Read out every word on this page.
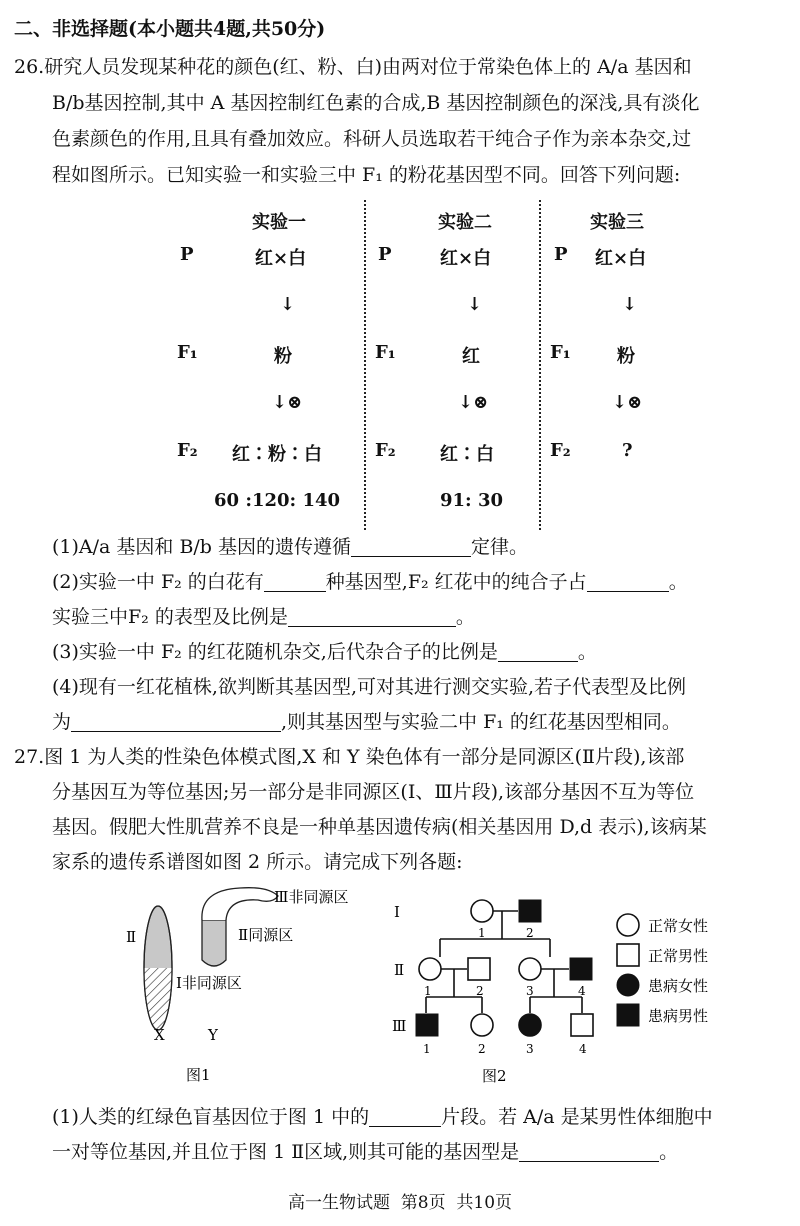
二、非选择题(本小题共4题,共50分)
26.研究人员发现某种花的颜色(红、粉、白)由两对位于常染色体上的 A/a 基因和
B/b基因控制,其中 A 基因控制红色素的合成,B 基因控制颜色的深浅,具有淡化
色素颜色的作用,且具有叠加效应。科研人员选取若干纯合子作为亲本杂交,过
程如图所示。已知实验一和实验三中 F₁ 的粉花基因型不同。回答下列问题:
实验一
P	红×白
↓
F₁	粉
↓⊗
F₂ 红∶粉∶白
60 :120: 140
实验二
P	红×白
↓
F₁	红
↓⊗
F₂ 红∶白
91: 30
实验三
P 红×白
↓
F₁	粉
↓⊗
F₂	?
(1)A/a 基因和 B/b 基因的遗传遵循	定律。
(2)实验一中 F₂ 的白花有	种基因型,F₂ 红花中的纯合子占	。
实验三中F₂ 的表型及比例是	。
(3)实验一中 F₂ 的红花随机杂交,后代杂合子的比例是	。
(4)现有一红花植株,欲判断其基因型,可对其进行测交实验,若子代表型及比例
为	,则其基因型与实验二中 F₁ 的红花基因型相同。
27.图 1 为人类的性染色体模式图,X 和 Y 染色体有一部分是同源区(Ⅱ片段),该部
分基因互为等位基因;另一部分是非同源区(Ⅰ、Ⅲ片段),该部分基因不互为等位
基因。假肥大性肌营养不良是一种单基因遗传病(相关基因用 D,d 表示),该病某
家系的遗传系谱图如图 2 所示。请完成下列各题:
Ⅱ
Ⅲ非同源区
Ⅱ同源区
Ⅰ非同源区
X	Y
图1
Ⅰ
Ⅱ
Ⅲ
1	2
1	2	3	4
1	2	3	4
正常女性
正常男性
患病女性
患病男性
图2
(1)人类的红绿色盲基因位于图 1 中的	片段。若 A/a 是某男性体细胞中
一对等位基因,并且位于图 1 Ⅱ区域,则其可能的基因型是	。
高一生物试题  第8页  共10页
